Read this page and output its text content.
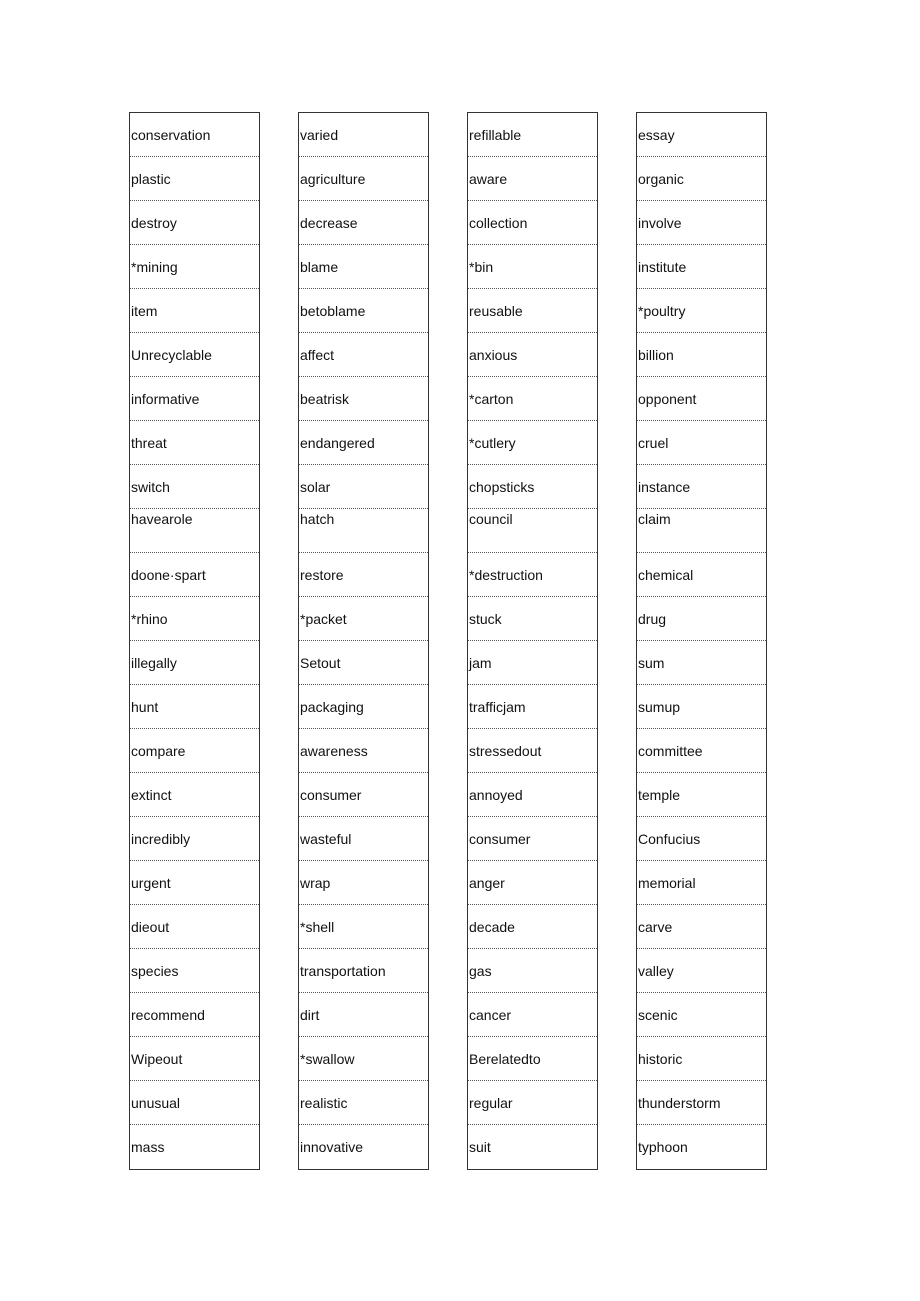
conservation
plastic
destroy
*mining
item
Unrecyclable
informative
threat
switch
havearole
doone·spart
*rhino
illegally
hunt
compare
extinct
incredibly
urgent
dieout
species
recommend
Wipeout
unusual
mass
varied
agriculture
decrease
blame
betoblame
affect
beatrisk
endangered
solar
hatch
restore
*packet
Setout
packaging
awareness
consumer
wasteful
wrap
*shell
transportation
dirt
*swallow
realistic
innovative
refillable
aware
collection
*bin
reusable
anxious
*carton
*cutlery
chopsticks
council
*destruction
stuck
jam
trafficjam
stressedout
annoyed
consumer
anger
decade
gas
cancer
Berelatedto
regular
suit
essay
organic
involve
institute
*poultry
billion
opponent
cruel
instance
claim
chemical
drug
sum
sumup
committee
temple
Confucius
memorial
carve
valley
scenic
historic
thunderstorm
typhoon
